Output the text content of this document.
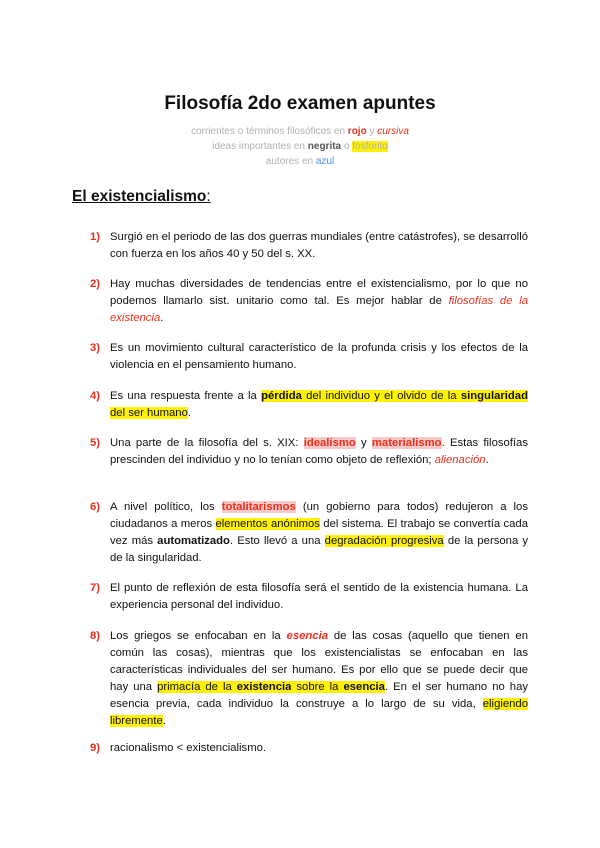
Filosofía 2do examen apuntes
corrientes o términos filosóficos en rojo y cursiva
ideas importantes en negrita o fosforito
autores en azul
El existencialismo:
1) Surgió en el periodo de las dos guerras mundiales (entre catástrofes), se desarrolló con fuerza en los años 40 y 50 del s. XX.
2) Hay muchas diversidades de tendencias entre el existencialismo, por lo que no podemos llamarlo sist. unitario como tal. Es mejor hablar de filosofías de la existencia.
3) Es un movimiento cultural característico de la profunda crisis y los efectos de la violencia en el pensamiento humano.
4) Es una respuesta frente a la pérdida del individuo y el olvido de la singularidad del ser humano.
5) Una parte de la filosofía del s. XIX: idealismo y materialismo. Estas filosofías prescinden del individuo y no lo tenían como objeto de reflexión; alienación.
6) A nivel político, los totalitarismos (un gobierno para todos) redujeron a los ciudadanos a meros elementos anónimos del sistema. El trabajo se convertía cada vez más automatizado. Esto llevó a una degradación progresiva de la persona y de la singularidad.
7) El punto de reflexión de esta filosofía será el sentido de la existencia humana. La experiencia personal del individuo.
8) Los griegos se enfocaban en la esencia de las cosas (aquello que tienen en común las cosas), mientras que los existencialistas se enfocaban en las características individuales del ser humano. Es por ello que se puede decir que hay una primacía de la existencia sobre la esencia. En el ser humano no hay esencia previa, cada individuo la construye a lo largo de su vida, eligiendo libremente.
9) racionalismo < existencialismo.
